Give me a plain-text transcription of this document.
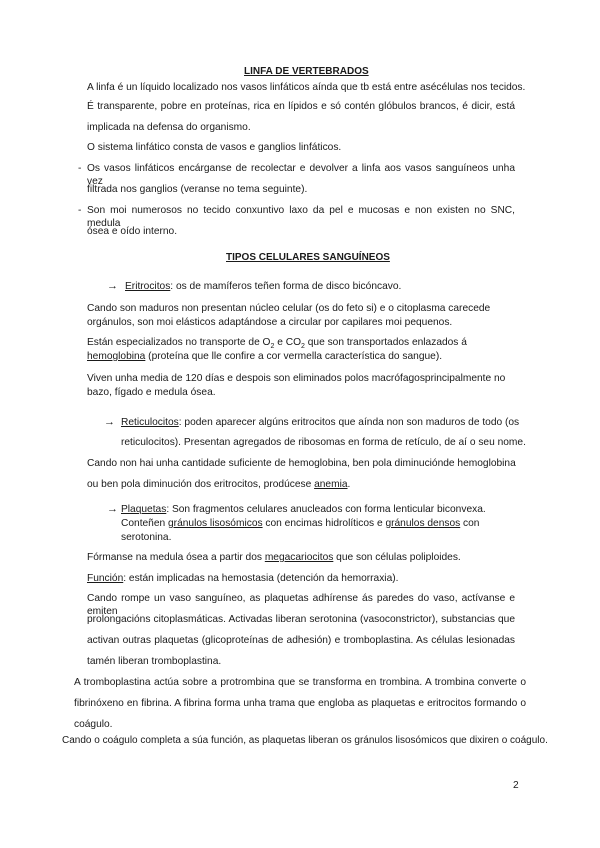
LINFA DE VERTEBRADOS
A linfa é un líquido localizado nos vasos linfáticos aínda que tb está entre asécélulas nos tecidos.
É transparente, pobre en proteínas, rica en lípidos e só contén glóbulos brancos, é dicir, está
implicada na defensa do organismo.
O sistema linfático consta de vasos e ganglios linfáticos.
- Os vasos linfáticos encárganse de recolectar e devolver a linfa aos vasos sanguíneos unha vez
filtrada nos ganglios (veranse no tema seguinte).
- Son moi numerosos no tecido conxuntivo laxo da pel e mucosas e non existen no SNC, medula
ósea e oído interno.
TIPOS CELULARES SANGUÍNEOS
→ Eritrocitos: os de mamíferos teñen forma de disco bicóncavo.
Cando son maduros non presentan núcleo celular (os do feto si) e o citoplasma carecede
orgánulos, son moi elásticos adaptándose a circular por capilares moi pequenos.
Están especializados no transporte de $O_2$ e $CO_2$ que son transportados enlazados á
hemoglobina (proteína que lle confire a cor vermella característica do sangue).
Viven unha media de 120 días e despois son eliminados polos macrófagosprincipalmente no
bazo, fígado e medula ósea.
→ Reticulocitos: poden aparecer algúns eritrocitos que aínda non son maduros de todo (os
reticulocitos). Presentan agregados de ribosomas en forma de retículo, de aí o seu nome.
Cando non hai unha cantidade suficiente de hemoglobina, ben pola diminuciónde hemoglobina
ou ben pola diminución dos eritrocitos, prodúcese anemia.
→ Plaquetas: Son fragmentos celulares anucleados con forma lenticular biconvexa.
Conteñen gránulos lisosómicos con encimas hidrolíticos e gránulos densos con
serotonina.
Fórmanse na medula ósea a partir dos megacariocitos que son células poliploides.
Función: están implicadas na hemostasia (detención da hemorraxia).
Cando rompe un vaso sanguíneo, as plaquetas adhírense ás paredes do vaso, actívanse e emiten
prolongacións citoplasmáticas. Activadas liberan serotonina (vasoconstrictor), substancias que
activan outras plaquetas (glicoproteínas de adhesión) e tromboplastina. As células lesionadas
tamén liberan tromboplastina.
A tromboplastina actúa sobre a protrombina que se transforma en trombina. A trombina converte o
fibrinóxeno en fibrina. A fibrina forma unha trama que engloba as plaquetas e eritrocitos formando o
coágulo.
Cando o coágulo completa a súa función, as plaquetas liberan os gránulos lisosómicos que dixiren o coágulo.
2
